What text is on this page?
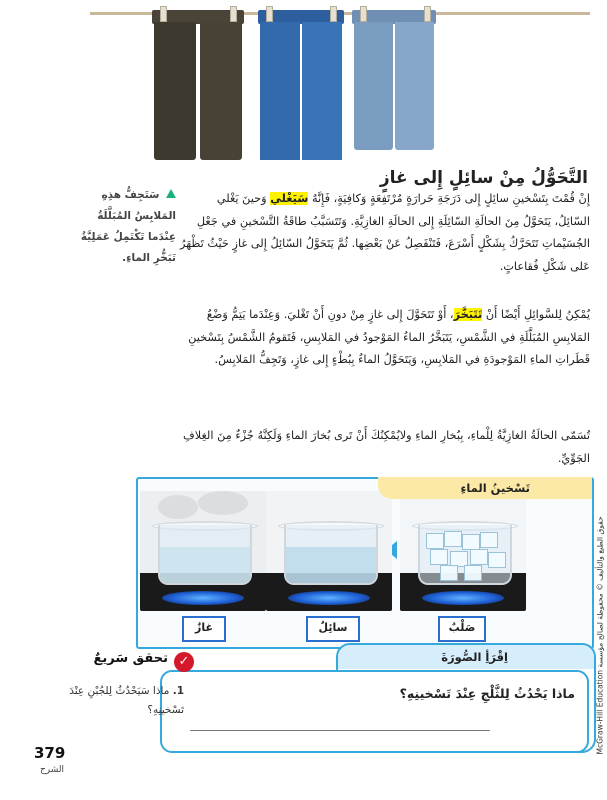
التَّحَوُّلُ مِنْ سائِلٍ إِلى غازٍ
إِنْ قُمْتَ بِتَسْخينِ سائِلٍ إِلى دَرَجَةِ حَرارَةٍ مُرْتَفِعَةٍ وَكافِيَةٍ، فَإِنَّهُ سَيَغْلي وَحينَ يَغْلي السّائِلُ، يَتَحَوَّلُ مِنَ الحالَةِ السّائِلَةِ إِلى الحالَةِ الغازِيَّةِ. وَتَتَسَبَّبُ طاقَةُ التَّسْخينِ في جَعْلِ الجُسَيْماتِ تَتَحَرَّكُ بِشَكْلٍ أَسْرَعَ، فَتَنْفَصِلُ عَنْ بَعْضِها. ثُمَّ يَتَحَوَّلُ السّائِلُ إِلى غازٍ حَيْثُ تَظْهَرُ عَلى شَكْلِ فُقاعاتٍ.
يُمْكِنُ لِلسَّوائِلِ أَيْضًا أَنْ تَتَبَخَّرَ، أَوْ تَتَحَوَّلَ إِلى غازٍ مِنْ دونِ أَنْ تَغْليَ. وَعِنْدَما يَتِمُّ وَضْعُ المَلابِسِ المُبَلَّلَةِ في الشَّمْسِ، يَتَبَخَّرُ الماءُ المَوْجودُ في المَلابِسِ، فَتَقومُ الشَّمْسُ بِتَسْخينِ قَطَراتِ الماءِ المَوْجودَةِ في المَلابِسِ، وَيَتَحَوَّلُ الماءُ بِبُطْءٍ إِلى غازٍ، وَتَجِفُّ المَلابِسُ.
تُسَمّى الحالَةُ الغازِيَّةُ لِلْماءِ، بِبُخارِ الماءِ ولايُمْكِنُكَ أَنْ تَرى بُخارَ الماءِ وَلَكِنَّهُ جُزْءٌ مِنَ الغِلافِ الجَوِّيِّ.
سَتَجِفُّ هذِهِ المَلابِسُ المُبَلَّلَةُ عِنْدَما تَكْتَمِلُ عَمَلِيَّةُ تَبَخُّرِ الماءِ.
صَلْبٌ
سائِلٌ
غازٌ
تَسْخينُ الماءِ
اِقْرَأِ الصُّورَةَ
ماذا يَحْدُثُ لِلثَّلْجِ عِنْدَ تَسْخينِهِ؟
✓
تحقق سَريعٌ
1. ماذا سَيَحْدُثُ لِلجُبْنِ عِنْدَ تَسْخينِهِ؟
379
الشرح
McGraw-Hill Education حقوق الطبع والتأليف © محفوظة لصالح مؤسسة
